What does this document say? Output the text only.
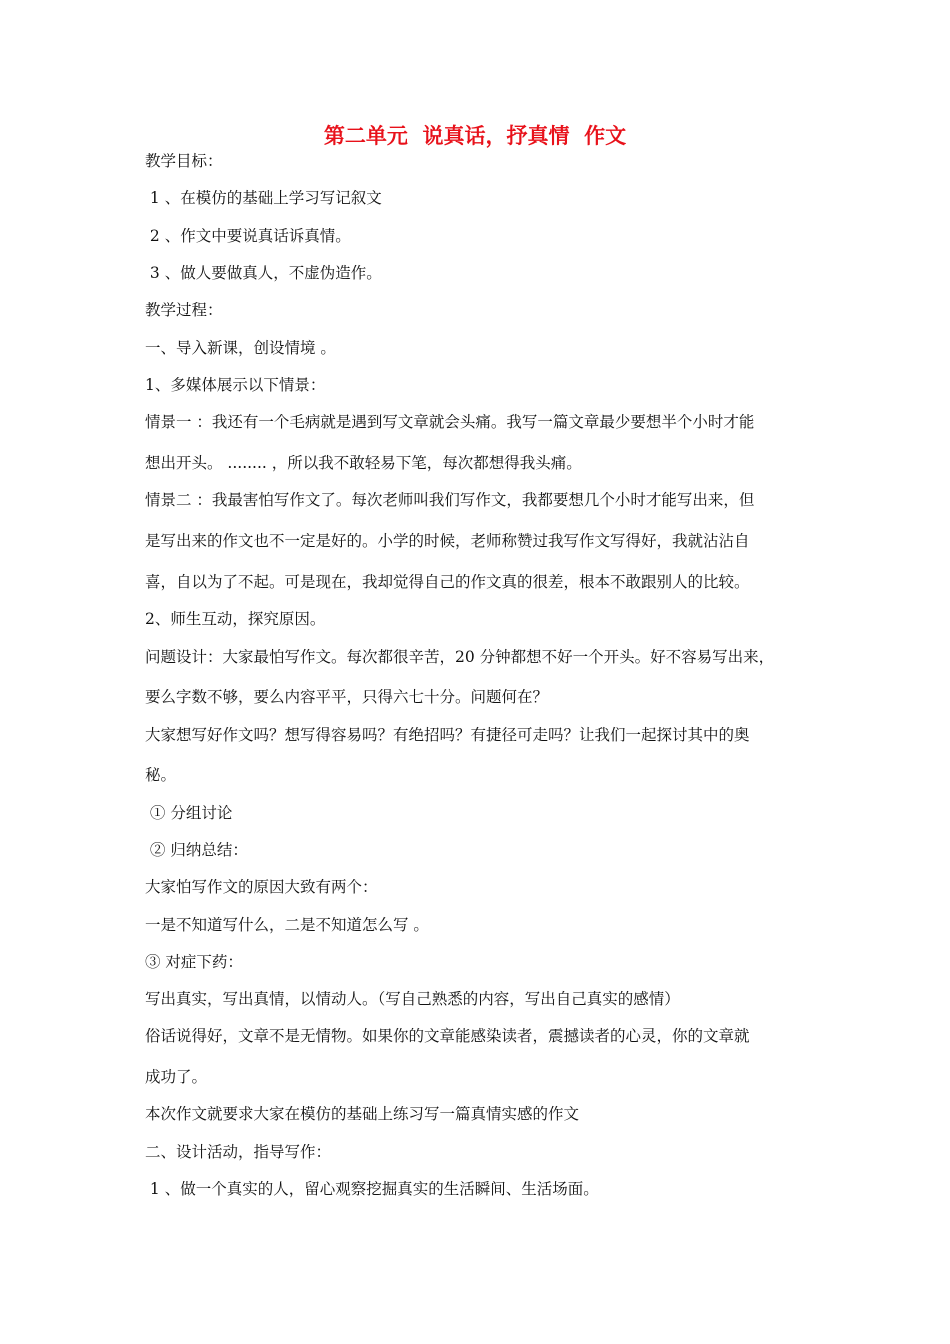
第二单元  说真话，抒真情  作文
教学目标：
1 、在模仿的基础上学习写记叙文
2 、作文中要说真话诉真情。
3 、做人要做真人，不虚伪造作。
教学过程：
一、导入新课，创设情境 。
1、多媒体展示以下情景：
情景一 ：我还有一个毛病就是遇到写文章就会头痛。我写一篇文章最少要想半个小时才能
想出开头。 ........ ，所以我不敢轻易下笔，每次都想得我头痛。
情景二 ：我最害怕写作文了。每次老师叫我们写作文，我都要想几个小时才能写出来，但
是写出来的作文也不一定是好的。小学的时候，老师称赞过我写作文写得好，我就沾沾自
喜，自以为了不起。可是现在，我却觉得自己的作文真的很差，根本不敢跟别人的比较。
2、师生互动，探究原因。
问题设计：大家最怕写作文。每次都很辛苦，20 分钟都想不好一个开头。好不容易写出来，
要么字数不够，要么内容平平，只得六七十分。问题何在？
大家想写好作文吗？想写得容易吗？有绝招吗？有捷径可走吗？让我们一起探讨其中的奥
秘。
① 分组讨论
② 归纳总结：
大家怕写作文的原因大致有两个：
一是不知道写什么，二是不知道怎么写 。
③ 对症下药：
写出真实，写出真情，以情动人。（写自己熟悉的内容，写出自己真实的感情）
俗话说得好，文章不是无情物。如果你的文章能感染读者，震撼读者的心灵，你的文章就
成功了。
本次作文就要求大家在模仿的基础上练习写一篇真情实感的作文
二、设计活动，指导写作：
1 、做一个真实的人，留心观察挖掘真实的生活瞬间、生活场面。
